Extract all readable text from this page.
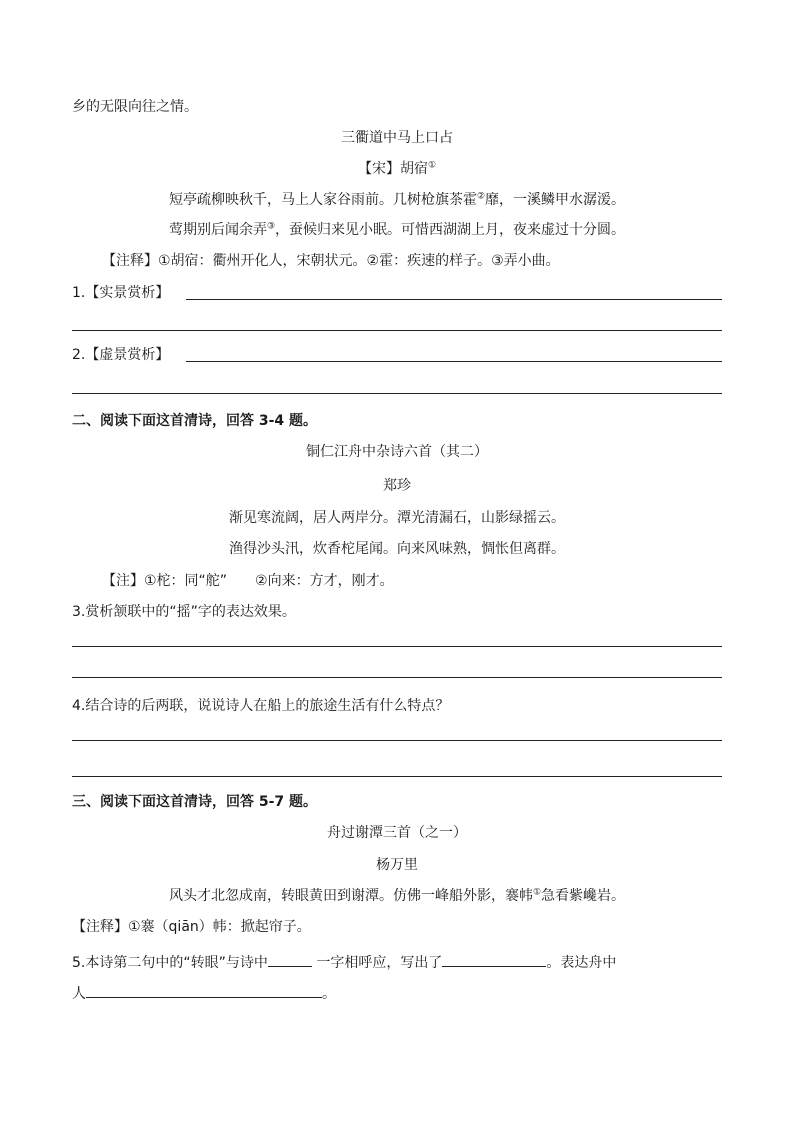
乡的无限向往之情。
三衢道中马上口占
【宋】胡宿①
短亭疏柳映秋千，马上人家谷雨前。几树枪旗茶霍②靡，一溪鳞甲水潺湲。
莺期别后闻余弄③，蚕候归来见小眠。可惜西湖湖上月，夜来虚过十分圆。
【注释】①胡宿：衢州开化人，宋朝状元。②霍：疾速的样子。③弄小曲。
1.【实景赏析】
2.【虚景赏析】
二、阅读下面这首清诗，回答 3-4 题。
铜仁江舟中杂诗六首（其二）
郑珍
渐见寒流阔，居人两岸分。潭光清漏石，山影绿摇云。
渔得沙头汛，炊香柁尾闻。向来风味熟，惆怅但离群。
【注】①柁：同“舵”　　②向来：方才，刚才。
3.赏析颔联中的“摇”字的表达效果。
4.结合诗的后两联，说说诗人在船上的旅途生活有什么特点？
三、阅读下面这首清诗，回答 5-7 题。
舟过谢潭三首（之一）
杨万里
风头才北忽成南，转眼黄田到谢潭。仿佛一峰船外影，褰帏①急看紫巉岩。
【注释】①褰（qiān）帏：掀起帘子。
5.本诗第二句中的“转眼”与诗中	一字相呼应，写出了	。表达舟中
人	。
